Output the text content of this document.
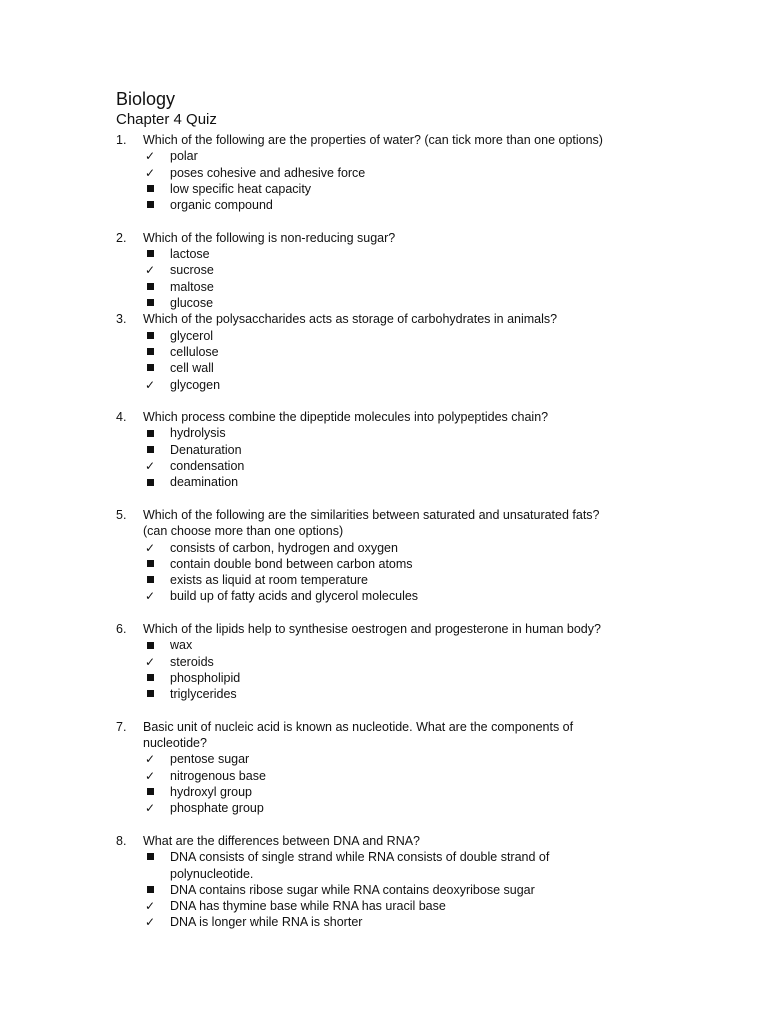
Biology
Chapter 4 Quiz
1. Which of the following are the properties of water? (can tick more than one options)
✓
polar
✓
poses cohesive and adhesive force
low specific heat capacity
organic compound
2. Which of the following is non-reducing sugar?
lactose
✓
sucrose
maltose
glucose
3. Which of the polysaccharides acts as storage of carbohydrates in animals?
glycerol
cellulose
cell wall
✓
glycogen
4. Which process combine the dipeptide molecules into polypeptides chain?
hydrolysis
Denaturation
✓
condensation
deamination
5. Which of the following are the similarities between saturated and unsaturated fats?
(can choose more than one options)
✓
consists of carbon, hydrogen and oxygen
contain double bond between carbon atoms
exists as liquid at room temperature
✓
build up of fatty acids and glycerol molecules
6. Which of the lipids help to synthesise oestrogen and progesterone in human body?
wax
✓
steroids
phospholipid
triglycerides
7. Basic unit of nucleic acid is known as nucleotide. What are the components of
nucleotide?
✓
pentose sugar
✓
nitrogenous base
hydroxyl group
✓
phosphate group
8. What are the differences between DNA and RNA?
DNA consists of single strand while RNA consists of double strand of
polynucleotide.
DNA contains ribose sugar while RNA contains deoxyribose sugar
✓
DNA has thymine base while RNA has uracil base
✓
DNA is longer while RNA is shorter
